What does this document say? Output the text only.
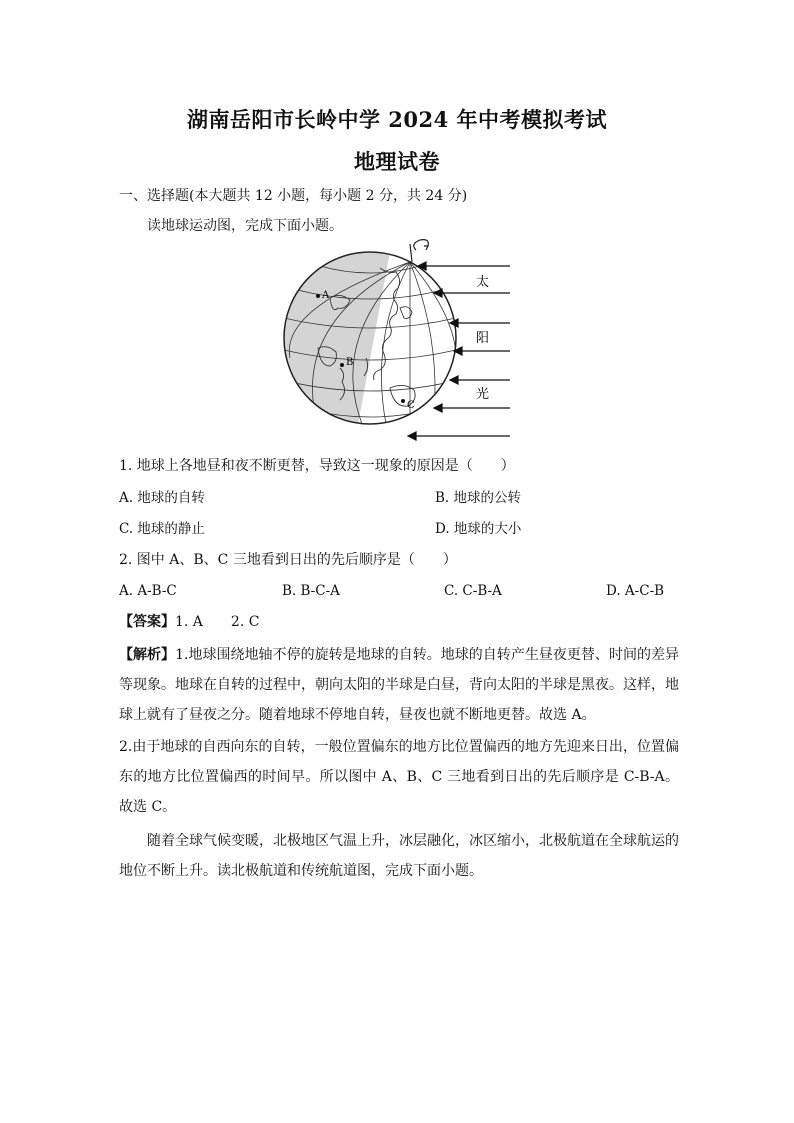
湖南岳阳市长岭中学 2024 年中考模拟考试
地理试卷
一、选择题(本大题共 12 小题，每小题 2 分，共 24 分)
读地球运动图，完成下面小题。
A
B
C
太
阳
光
1. 地球上各地昼和夜不断更替，导致这一现象的原因是（　　）
A. 地球的自转	B. 地球的公转
C. 地球的静止	D. 地球的大小
2. 图中 A、B、C 三地看到日出的先后顺序是（　　）
A. A-B-C	B. B-C-A	C. C-B-A	D. A-C-B
【答案】1. A　　2. C
【解析】1.地球围绕地轴不停的旋转是地球的自转。地球的自转产生昼夜更替、时间的差异等现象。地球在自转的过程中，朝向太阳的半球是白昼，背向太阳的半球是黑夜。这样，地球上就有了昼夜之分。随着地球不停地自转，昼夜也就不断地更替。故选 A。
2.由于地球的自西向东的自转，一般位置偏东的地方比位置偏西的地方先迎来日出，位置偏东的地方比位置偏西的时间早。所以图中 A、B、C 三地看到日出的先后顺序是 C-B-A。故选 C。
随着全球气候变暖，北极地区气温上升，冰层融化，冰区缩小，北极航道在全球航运的地位不断上升。读北极航道和传统航道图，完成下面小题。
